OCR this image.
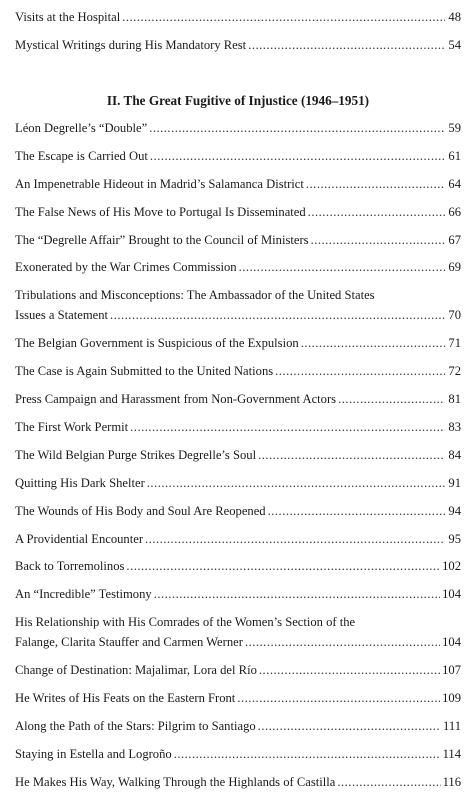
Visits at the Hospital .....	48
Mystical Writings during His Mandatory Rest .....	54
II. The Great Fugitive of Injustice (1946–1951)
Léon Degrelle’s “Double” .....	59
The Escape is Carried Out .....	61
An Impenetrable Hideout in Madrid’s Salamanca District .....	64
The False News of His Move to Portugal Is Disseminated .....	66
The “Degrelle Affair” Brought to the Council of Ministers .....	67
Exonerated by the War Crimes Commission .....	69
Tribulations and Misconceptions: The Ambassador of the United States
Issues a Statement .....	70
The Belgian Government is Suspicious of the Expulsion .....	71
The Case is Again Submitted to the United Nations .....	72
Press Campaign and Harassment from Non-Government Actors .....	81
The First Work Permit .....	83
The Wild Belgian Purge Strikes Degrelle’s Soul .....	84
Quitting His Dark Shelter .....	91
The Wounds of His Body and Soul Are Reopened .....	94
A Providential Encounter .....	95
Back to Torremolinos .....	102
An “Incredible” Testimony .....	104
His Relationship with His Comrades of the Women’s Section of the
Falange, Clarita Stauffer and Carmen Werner .....	104
Change of Destination: Majalimar, Lora del Río .....	107
He Writes of His Feats on the Eastern Front .....	109
Along the Path of the Stars: Pilgrim to Santiago .....	111
Staying in Estella and Logroño .....	114
He Makes His Way, Walking Through the Highlands of Castilla .....	116
